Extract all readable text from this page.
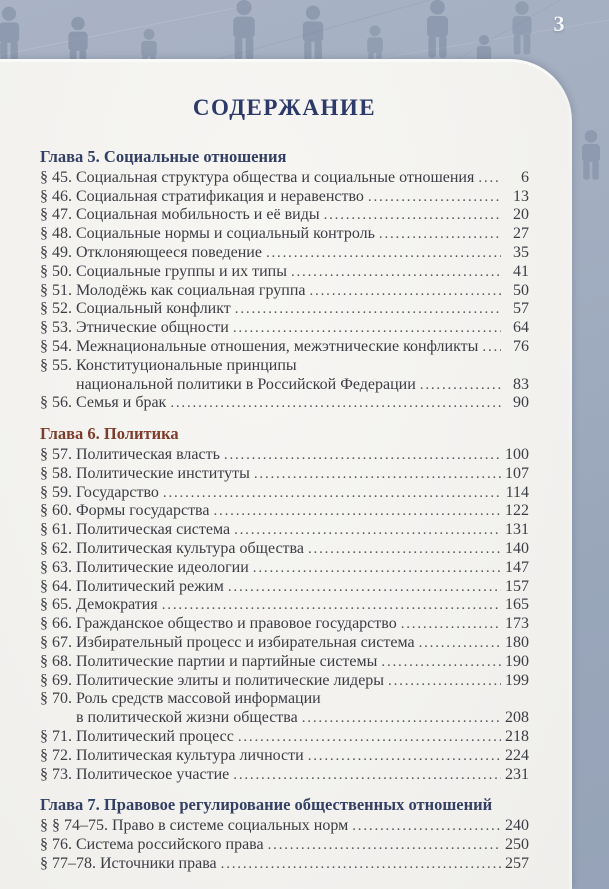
3
СОДЕРЖАНИЕ
Глава 5. Социальные отношения
§ 45. Социальная структура общества и социальные отношения .....	6
§ 46. Социальная стратификация и неравенство .....	13
§ 47. Социальная мобильность и её виды .....	20
§ 48. Социальные нормы и социальный контроль .....	27
§ 49. Отклоняющееся поведение .....	35
§ 50. Социальные группы и их типы .....	41
§ 51. Молодёжь как социальная группа .....	50
§ 52. Социальный конфликт .....	57
§ 53. Этнические общности .....	64
§ 54. Межнациональные отношения, межэтнические конфликты .....	76
§ 55. Конституциональные принципы
национальной политики в Российской Федерации .....	83
§ 56. Семья и брак .....	90
Глава 6. Политика
§ 57. Политическая власть .....	100
§ 58. Политические институты .....	107
§ 59. Государство .....	114
§ 60. Формы государства .....	122
§ 61. Политическая система .....	131
§ 62. Политическая культура общества .....	140
§ 63. Политические идеологии .....	147
§ 64. Политический режим .....	157
§ 65. Демократия .....	165
§ 66. Гражданское общество и правовое государство .....	173
§ 67. Избирательный процесс и избирательная система .....	180
§ 68. Политические партии и партийные системы .....	190
§ 69. Политические элиты и политические лидеры .....	199
§ 70. Роль средств массовой информации
в политической жизни общества .....	208
§ 71. Политический процесс .....	218
§ 72. Политическая культура личности .....	224
§ 73. Политическое участие .....	231
Глава 7. Правовое регулирование общественных отношений
§ § 74–75. Право в системе социальных норм .....	240
§ 76. Система российского права .....	250
§ 77–78. Источники права .....	257
